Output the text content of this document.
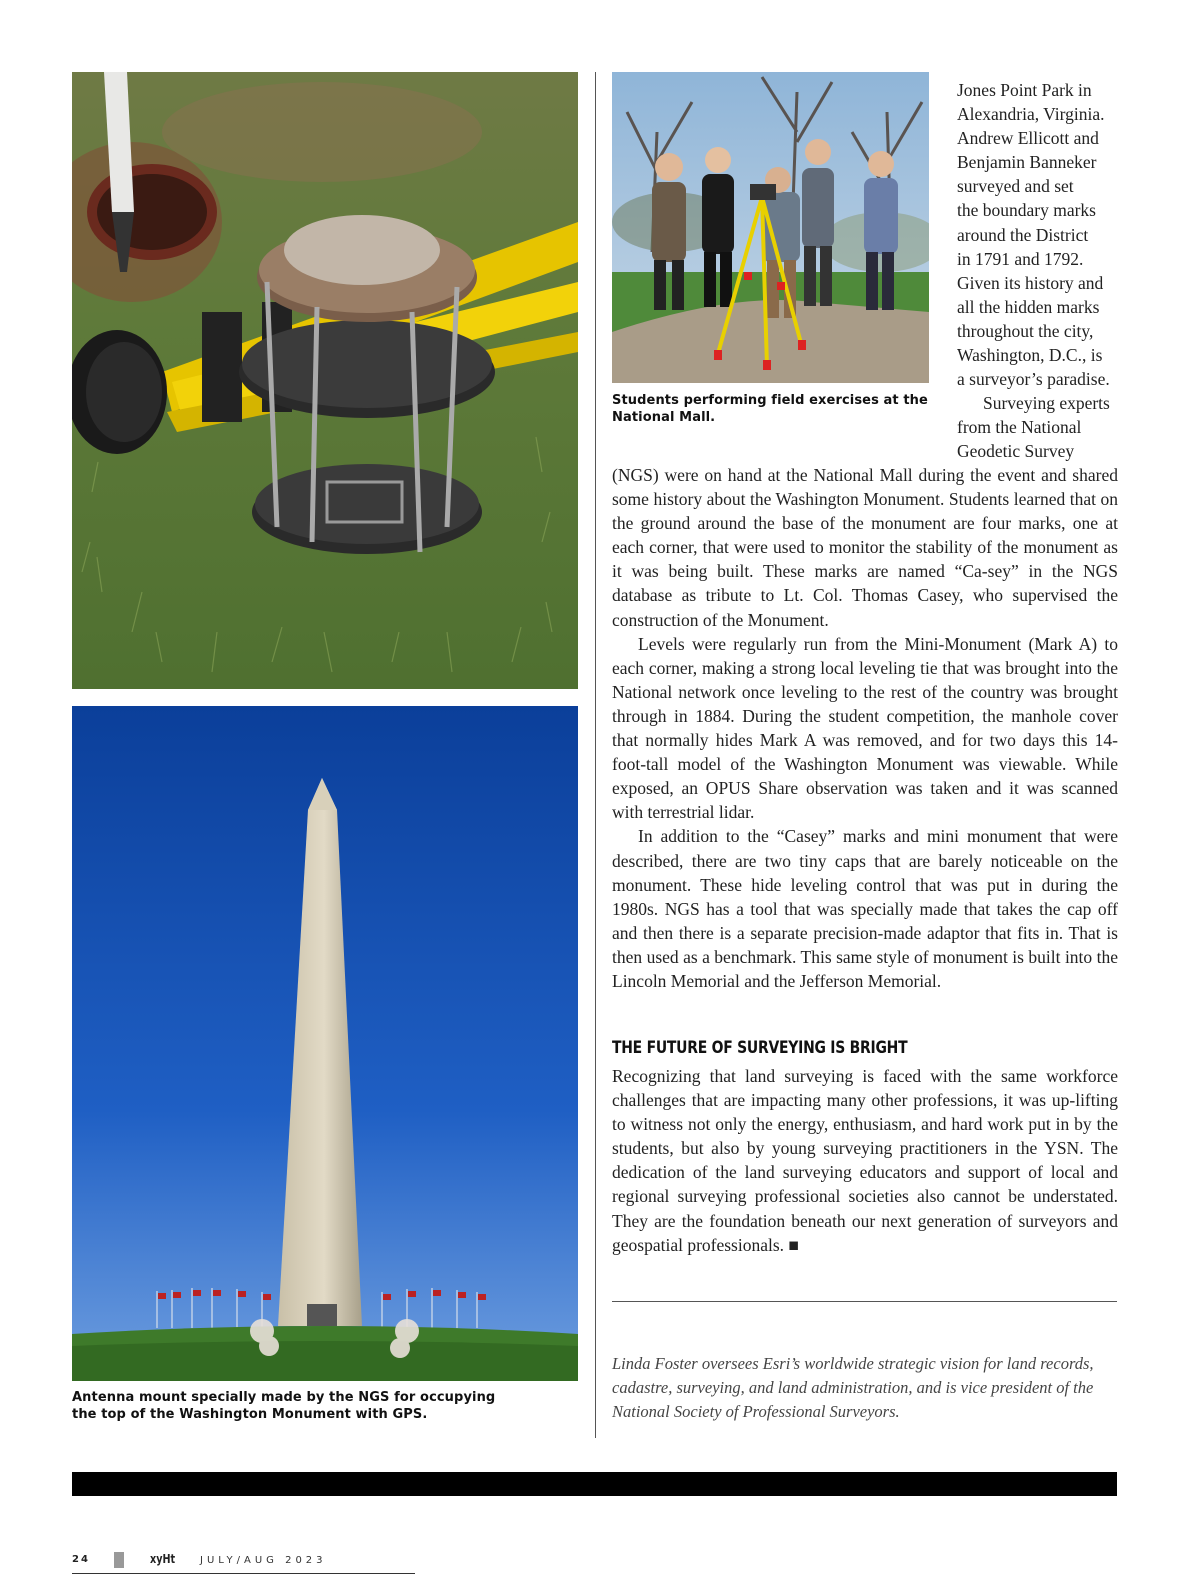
Antenna mount specially made by the NGS for occupying the top of the Washington Monument with GPS.
Students performing field exercises at the National Mall.
Jones Point Park in
Alexandria, Virginia.
Andrew Ellicott and
Benjamin Banneker
surveyed and set
the boundary marks
around the District
in 1791 and 1792.
Given its history and
all the hidden marks
throughout the city,
Washington, D.C., is
a surveyor’s paradise.
Surveying experts
from the National
Geodetic Survey

(NGS) were on hand at the National Mall during the event and shared some history about the Washington Monument. Students learned that on the ground around the base of the monument are four marks, one at each corner, that were used to monitor the stability of the monument as it was being built. These marks are named “Ca-sey” in the NGS database as tribute to Lt. Col. Thomas Casey, who supervised the construction of the Monument.

Levels were regularly run from the Mini-Monument (Mark A) to each corner, making a strong local leveling tie that was brought into the National network once leveling to the rest of the country was brought through in 1884. During the student competition, the manhole cover that normally hides Mark A was removed, and for two days this 14-foot-tall model of the Washington Monument was viewable. While exposed, an OPUS Share observation was taken and it was scanned with terrestrial lidar.

In addition to the “Casey” marks and mini monument that were described, there are two tiny caps that are barely noticeable on the monument. These hide leveling control that was put in during the 1980s. NGS has a tool that was specially made that takes the cap off and then there is a separate precision-made adaptor that fits in. That is then used as a benchmark. This same style of monument is built into the Lincoln Memorial and the Jefferson Memorial.

THE FUTURE OF SURVEYING IS BRIGHT

Recognizing that land surveying is faced with the same workforce challenges that are impacting many other professions, it was up-lifting to witness not only the energy, enthusiasm, and hard work put in by the students, but also by young surveying practitioners in the YSN. The dedication of the land surveying educators and support of local and regional surveying professional societies also cannot be understated. They are the foundation beneath our next generation of surveyors and geospatial professionals. ■

Linda Foster oversees Esri’s worldwide strategic vision for land records, cadastre, surveying, and land administration, and is vice president of the National Society of Professional Surveyors.
24	xyHt JULY/AUG 2023
